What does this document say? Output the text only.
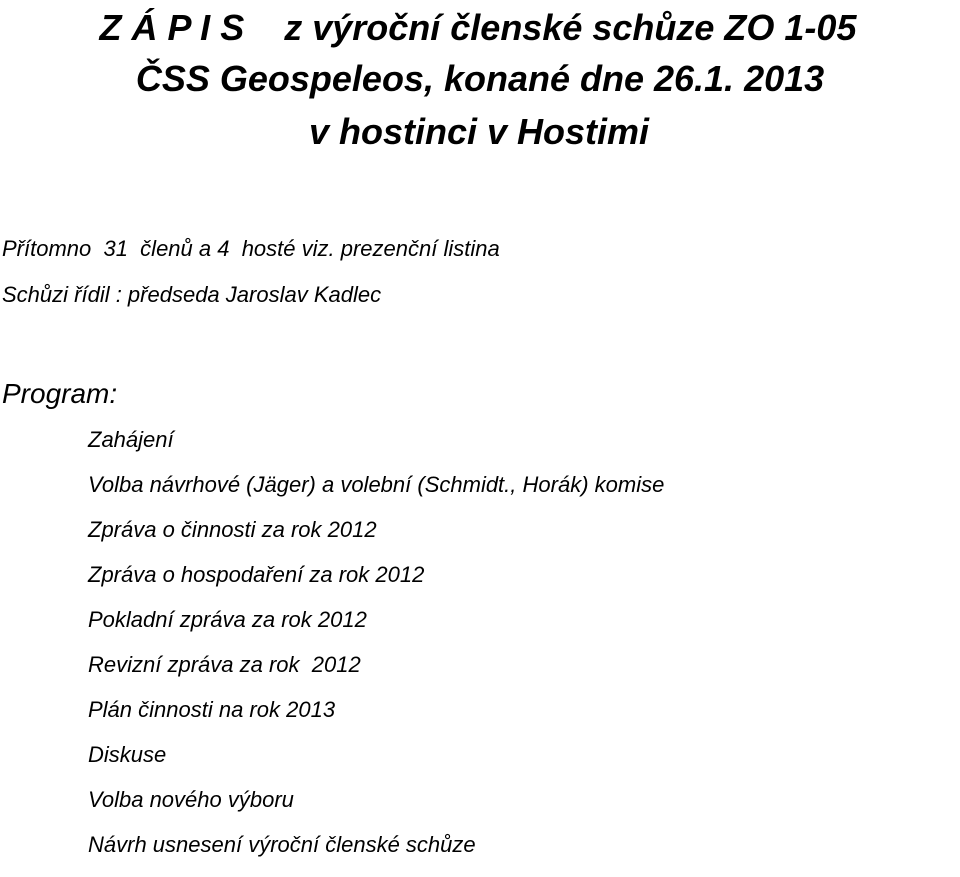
Z Á P I S    z výroční členské schůze ZO 1-05
ČSS Geospeleos, konané dne 26.1. 2013
v hostinci v Hostimi
Přítomno  31  členů a 4  hosté viz. prezenční listina
Schůzi řídil : předseda Jaroslav Kadlec
Program:
Zahájení
Volba návrhové (Jäger) a volební (Schmidt., Horák) komise
Zpráva o činnosti za rok 2012
Zpráva o hospodaření za rok 2012
Pokladní zpráva za rok 2012
Revizní zpráva za rok  2012
Plán činnosti na rok 2013
Diskuse
Volba nového výboru
Návrh usnesení výroční členské schůze
